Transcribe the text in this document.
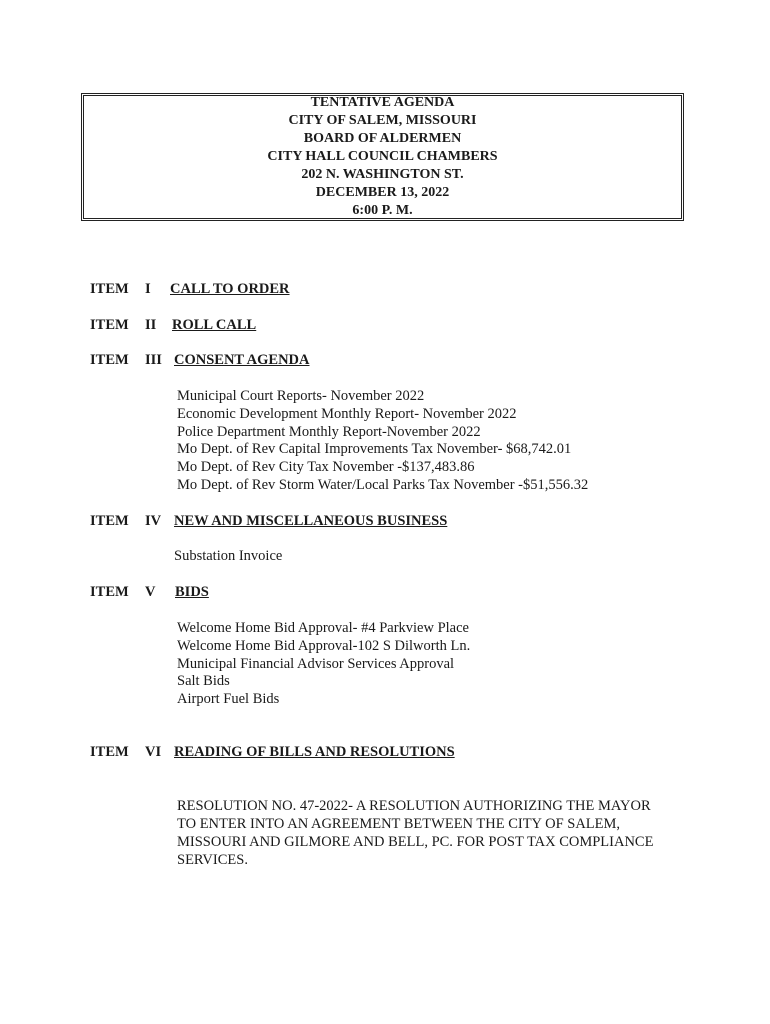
TENTATIVE AGENDA
CITY OF SALEM, MISSOURI
BOARD OF ALDERMEN
CITY HALL COUNCIL CHAMBERS
202 N. WASHINGTON ST.
DECEMBER 13, 2022
6:00 P. M.
ITEM I CALL TO ORDER
ITEM II ROLL CALL
ITEM III CONSENT AGENDA
Municipal Court Reports- November 2022
Economic Development Monthly Report- November 2022
Police Department Monthly Report-November 2022
Mo Dept. of Rev Capital Improvements Tax November- $68,742.01
Mo Dept. of Rev City Tax November -$137,483.86
Mo Dept. of Rev Storm Water/Local Parks Tax November -$51,556.32
ITEM IV NEW AND MISCELLANEOUS BUSINESS
Substation Invoice
ITEM V BIDS
Welcome Home Bid Approval- #4 Parkview Place
Welcome Home Bid Approval-102 S Dilworth Ln.
Municipal Financial Advisor Services Approval
Salt Bids
Airport Fuel Bids
ITEM VI READING OF BILLS AND RESOLUTIONS
RESOLUTION NO. 47-2022- A RESOLUTION AUTHORIZING THE MAYOR
TO ENTER INTO AN AGREEMENT BETWEEN THE CITY OF SALEM,
MISSOURI AND GILMORE AND BELL, PC. FOR POST TAX COMPLIANCE
SERVICES.
